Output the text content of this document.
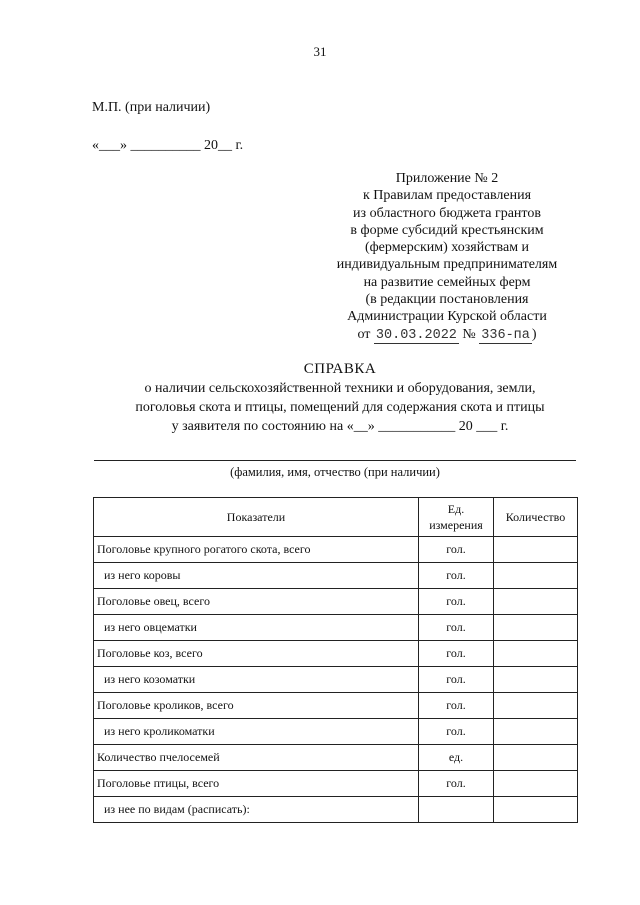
31
М.П. (при наличии)
«___» __________ 20__ г.
Приложение № 2
к Правилам предоставления
из областного бюджета грантов
в форме субсидий крестьянским
(фермерским) хозяйствам и
индивидуальным предпринимателям
на развитие семейных ферм
(в редакции постановления
Администрации Курской области
от 30.03.2022 № 336-па )
СПРАВКА
о наличии сельскохозяйственной техники и оборудования, земли,
поголовья скота и птицы, помещений для содержания скота и птицы
у заявителя по состоянию на «__» ___________ 20 ___ г.
(фамилия, имя, отчество (при наличии)
Показатели	Ед. измерения	Количество
Поголовье крупного рогатого скота, всего	гол.	
из него коровы	гол.	
Поголовье овец, всего	гол.	
из него овцематки	гол.	
Поголовье коз, всего	гол.	
из него козоматки	гол.	
Поголовье кроликов, всего	гол.	
из него кроликоматки	гол.	
Количество пчелосемей	ед.	
Поголовье птицы, всего	гол.	
из нее по видам (расписать):		
